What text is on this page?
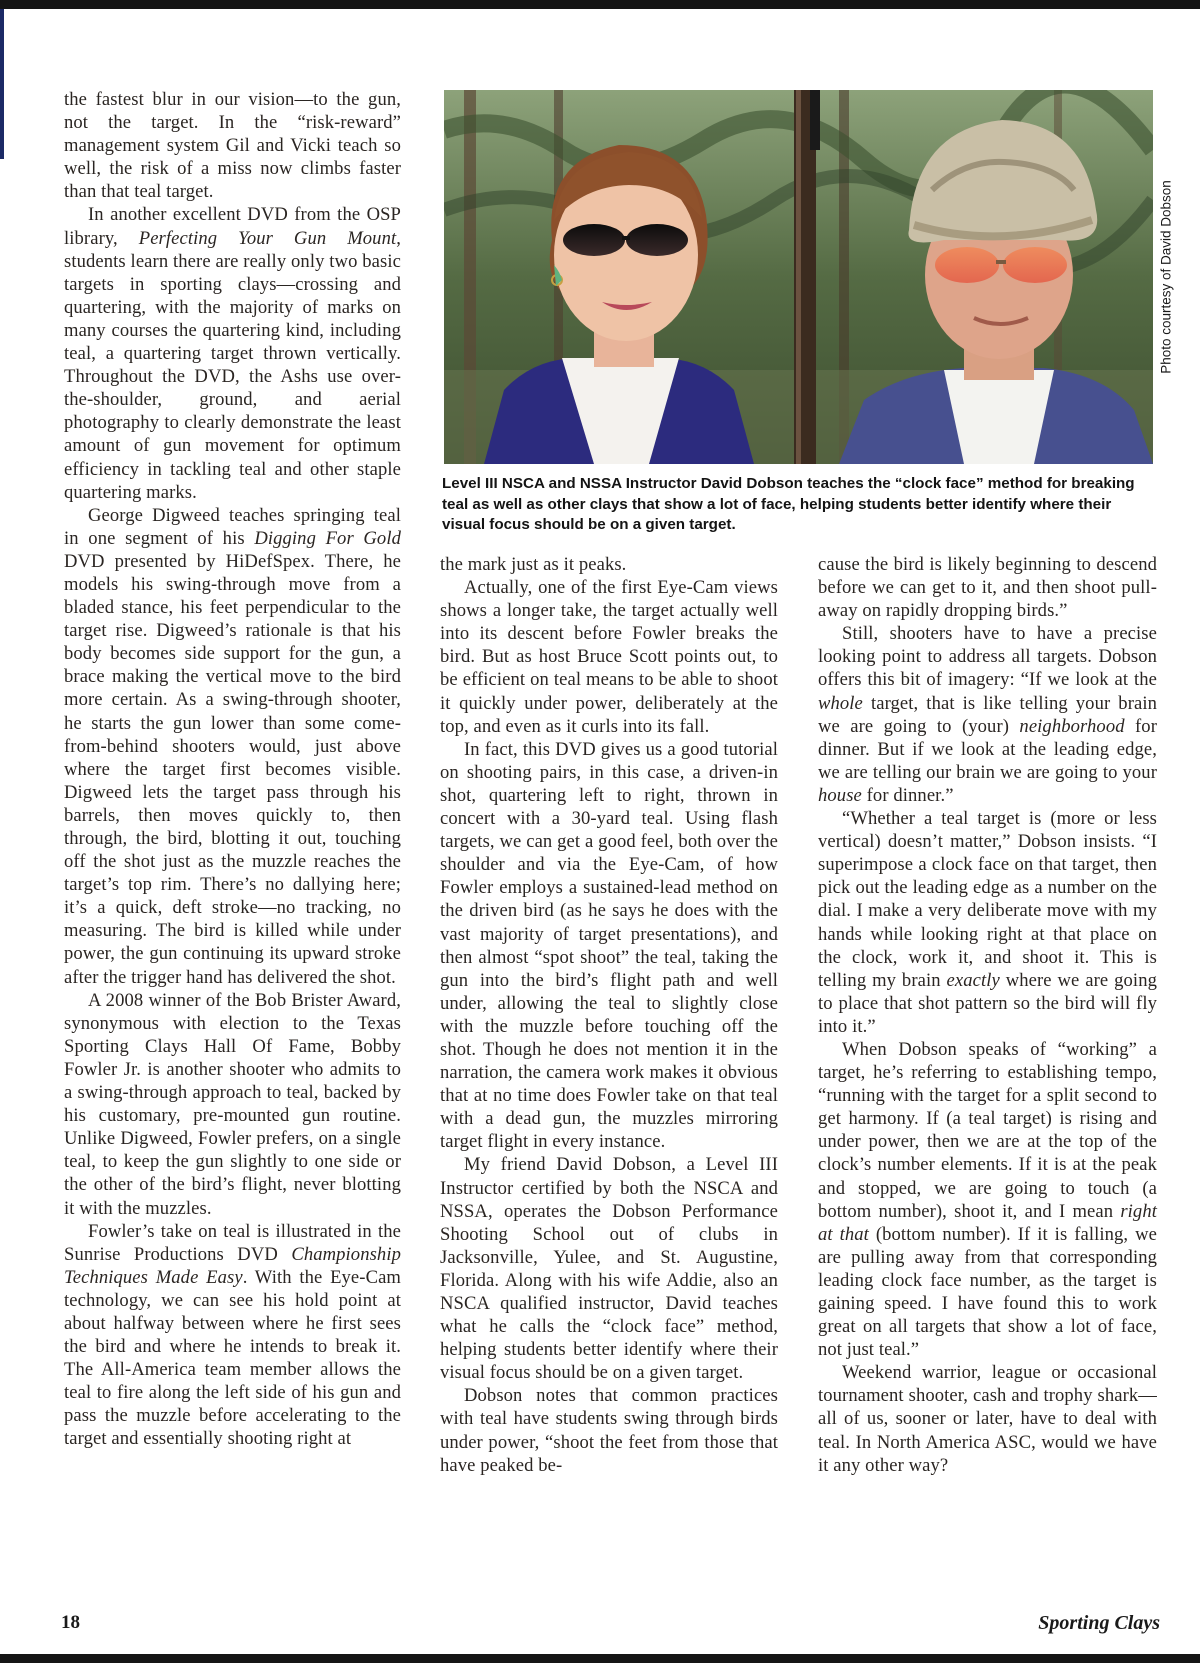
the fastest blur in our vision—to the gun, not the target. In the “risk-reward” management system Gil and Vicki teach so well, the risk of a miss now climbs faster than that teal target.

In another excellent DVD from the OSP library, Perfecting Your Gun Mount, students learn there are really only two basic targets in sporting clays—crossing and quartering, with the majority of marks on many courses the quartering kind, including teal, a quartering target thrown vertically. Throughout the DVD, the Ashs use over-the-shoulder, ground, and aerial photography to clearly demonstrate the least amount of gun movement for optimum efficiency in tackling teal and other staple quartering marks.

George Digweed teaches springing teal in one segment of his Digging For Gold DVD presented by HiDefSpex. There, he models his swing-through move from a bladed stance, his feet perpendicular to the target rise. Digweed’s rationale is that his body becomes side support for the gun, a brace making the vertical move to the bird more certain. As a swing-through shooter, he starts the gun lower than some come-from-behind shooters would, just above where the target first becomes visible. Digweed lets the target pass through his barrels, then moves quickly to, then through, the bird, blotting it out, touching off the shot just as the muzzle reaches the target’s top rim. There’s no dallying here; it’s a quick, deft stroke—no tracking, no measuring. The bird is killed while under power, the gun continuing its upward stroke after the trigger hand has delivered the shot.

A 2008 winner of the Bob Brister Award, synonymous with election to the Texas Sporting Clays Hall Of Fame, Bobby Fowler Jr. is another shooter who admits to a swing-through approach to teal, backed by his customary, pre-mounted gun routine. Unlike Digweed, Fowler prefers, on a single teal, to keep the gun slightly to one side or the other of the bird’s flight, never blotting it with the muzzles.

Fowler’s take on teal is illustrated in the Sunrise Productions DVD Championship Techniques Made Easy. With the Eye-Cam technology, we can see his hold point at about halfway between where he first sees the bird and where he intends to break it. The All-America team member allows the teal to fire along the left side of his gun and pass the muzzle before accelerating to the target and essentially shooting right at

Photo courtesy of David Dobson
Level III NSCA and NSSA Instructor David Dobson teaches the “clock face” method for breaking teal as well as other clays that show a lot of face, helping students better identify where their visual focus should be on a given target.

the mark just as it peaks.

Actually, one of the first Eye-Cam views shows a longer take, the target actually well into its descent before Fowler breaks the bird. But as host Bruce Scott points out, to be efficient on teal means to be able to shoot it quickly under power, deliberately at the top, and even as it curls into its fall.

In fact, this DVD gives us a good tutorial on shooting pairs, in this case, a driven-in shot, quartering left to right, thrown in concert with a 30-yard teal. Using flash targets, we can get a good feel, both over the shoulder and via the Eye-Cam, of how Fowler employs a sustained-lead method on the driven bird (as he says he does with the vast majority of target presentations), and then almost “spot shoot” the teal, taking the gun into the bird’s flight path and well under, allowing the teal to slightly close with the muzzle before touching off the shot. Though he does not mention it in the narration, the camera work makes it obvious that at no time does Fowler take on that teal with a dead gun, the muzzles mirroring target flight in every instance.

My friend David Dobson, a Level III Instructor certified by both the NSCA and NSSA, operates the Dobson Performance Shooting School out of clubs in Jacksonville, Yulee, and St. Augustine, Florida. Along with his wife Addie, also an NSCA qualified instructor, David teaches what he calls the “clock face” method, helping students better identify where their visual focus should be on a given target.

Dobson notes that common practices with teal have students swing through birds under power, “shoot the feet from those that have peaked be-

cause the bird is likely beginning to descend before we can get to it, and then shoot pull-away on rapidly dropping birds.”

Still, shooters have to have a precise looking point to address all targets. Dobson offers this bit of imagery: “If we look at the whole target, that is like telling your brain we are going to (your) neighborhood for dinner. But if we look at the leading edge, we are telling our brain we are going to your house for dinner.”

“Whether a teal target is (more or less vertical) doesn’t matter,” Dobson insists. “I superimpose a clock face on that target, then pick out the leading edge as a number on the dial. I make a very deliberate move with my hands while looking right at that place on the clock, work it, and shoot it. This is telling my brain exactly where we are going to place that shot pattern so the bird will fly into it.”

When Dobson speaks of “working” a target, he’s referring to establishing tempo, “running with the target for a split second to get harmony. If (a teal target) is rising and under power, then we are at the top of the clock’s number elements. If it is at the peak and stopped, we are going to touch (a bottom number), shoot it, and I mean right at that (bottom number). If it is falling, we are pulling away from that corresponding leading clock face number, as the target is gaining speed. I have found this to work great on all targets that show a lot of face, not just teal.”

Weekend warrior, league or occasional tournament shooter, cash and trophy shark—all of us, sooner or later, have to deal with teal. In North America ASC, would we have it any other way?

18	Sporting Clays
